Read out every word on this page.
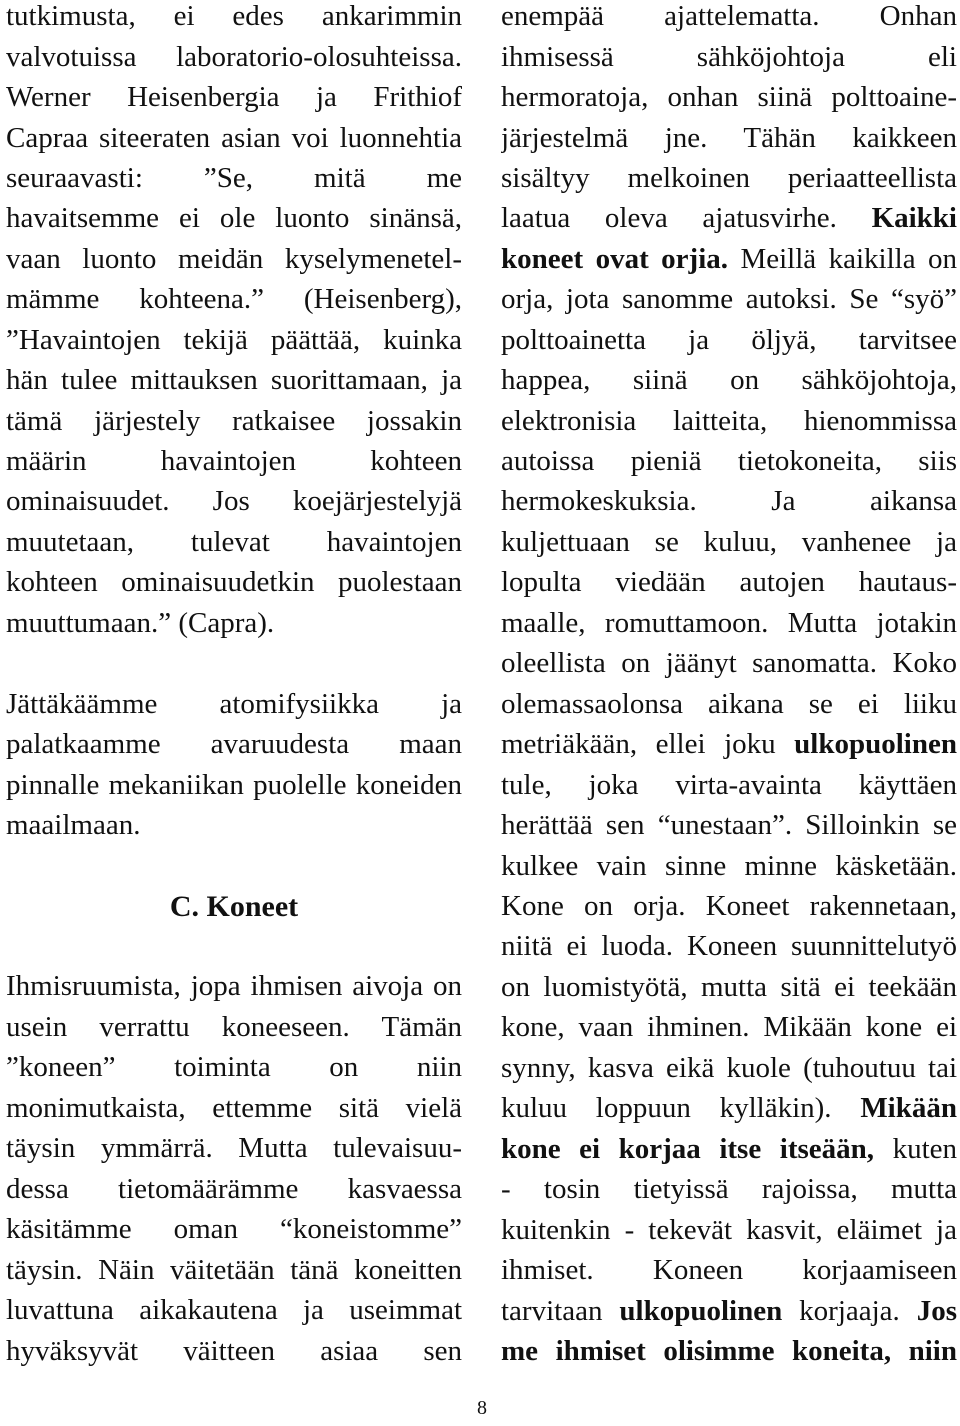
tutkimusta, ei edes ankarimmin
valvotuissa laboratorio-olosuhteissa.
Werner Heisenbergia ja Frithiof
Capraa siteeraten asian voi luonnehtia
seuraavasti: ”Se, mitä me
havaitsemme ei ole luonto sinänsä,
vaan luonto meidän kyselymenetel-
mämme kohteena.” (Heisenberg),
”Havaintojen tekijä päättää, kuinka
hän tulee mittauksen suorittamaan, ja
tämä järjestely ratkaisee jossakin
määrin havaintojen kohteen
ominaisuudet. Jos koejärjestelyjä
muutetaan, tulevat havaintojen
kohteen ominaisuudetkin puolestaan
muuttumaan.” (Capra).
Jättäkäämme atomifysiikka ja
palatkaamme avaruudesta maan
pinnalle mekaniikan puolelle koneiden
maailmaan.
C. Koneet
Ihmisruumista, jopa ihmisen aivoja on
usein verrattu koneeseen. Tämän
”koneen” toiminta on niin
monimutkaista, ettemme sitä vielä
täysin ymmärrä. Mutta tulevaisuu-
dessa tietomäärämme kasvaessa
käsitämme oman “koneistomme”
täysin. Näin väitetään tänä koneitten
luvattuna aikakautena ja useimmat
hyväksyvät väitteen asiaa sen
enempää ajattelematta. Onhan
ihmisessä sähköjohtoja eli
hermoratoja, onhan siinä polttoaine-
järjestelmä jne. Tähän kaikkeen
sisältyy melkoinen periaatteellista
laatua oleva ajatusvirhe. Kaikki
koneet ovat orjia. Meillä kaikilla on
orja, jota sanomme autoksi. Se “syö”
polttoainetta ja öljyä, tarvitsee
happea, siinä on sähköjohtoja,
elektronisia laitteita, hienommissa
autoissa pieniä tietokoneita, siis
hermokeskuksia. Ja aikansa
kuljettuaan se kuluu, vanhenee ja
lopulta viedään autojen hautaus-
maalle, romuttamoon. Mutta jotakin
oleellista on jäänyt sanomatta. Koko
olemassaolonsa aikana se ei liiku
metriäkään, ellei joku ulkopuolinen
tule, joka virta-avainta käyttäen
herättää sen “unestaan”. Silloinkin se
kulkee vain sinne minne käsketään.
Kone on orja. Koneet rakennetaan,
niitä ei luoda. Koneen suunnittelutyö
on luomistyötä, mutta sitä ei teekään
kone, vaan ihminen. Mikään kone ei
synny, kasva eikä kuole (tuhoutuu tai
kuluu loppuun kylläkin). Mikään
kone ei korjaa itse itseään, kuten
- tosin tietyissä rajoissa, mutta
kuitenkin - tekevät kasvit, eläimet ja
ihmiset. Koneen korjaamiseen
tarvitaan ulkopuolinen korjaaja. Jos
me ihmiset olisimme koneita, niin
8
